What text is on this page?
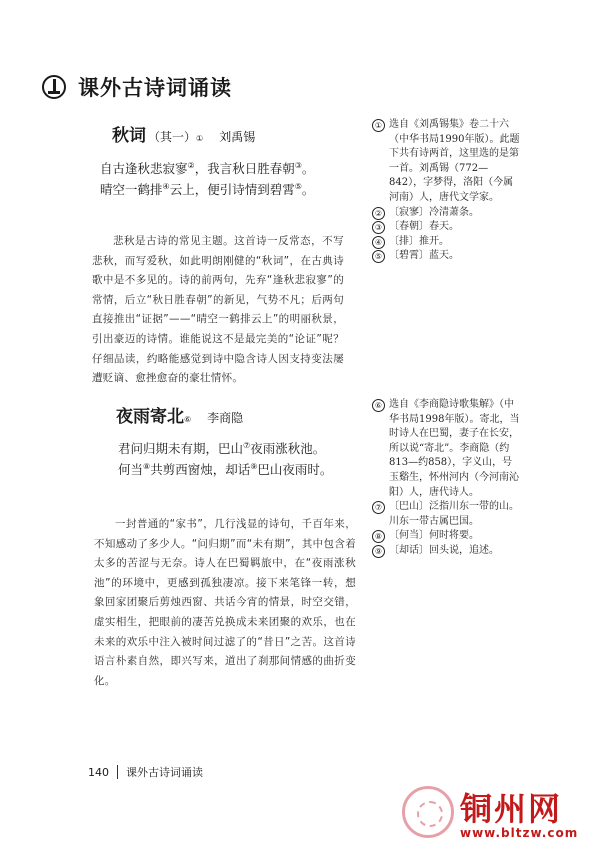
课外古诗词诵读
秋词 （其一） ① 刘禹锡
自古逢秋悲寂寥②，我言秋日胜春朝③。
晴空一鹤排④云上，便引诗情到碧霄⑤。
悲秋是古诗的常见主题。这首诗一反常态，不写悲秋，而写爱秋，如此明朗刚健的“秋词”，在古典诗歌中是不多见的。诗的前两句，先弃“逢秋悲寂寥”的常情，后立“秋日胜春朝”的新见，气势不凡；后两句直接推出“证据”——“晴空一鹤排云上”的明丽秋景，引出豪迈的诗情。谁能说这不是最完美的“论证”呢？仔细品读，约略能感觉到诗中隐含诗人因支持变法屡遭贬谪、愈挫愈奋的豪壮情怀。
① 选自《刘禹锡集》卷二十六（中华书局1990年版）。此题下共有诗两首，这里选的是第一首。刘禹锡（772—842），字梦得，洛阳（今属河南）人，唐代文学家。
② 〔寂寥〕冷清萧条。
③ 〔春朝〕春天。
④ 〔排〕推开。
⑤ 〔碧霄〕蓝天。
夜雨寄北 ⑥ 李商隐
君问归期未有期，巴山⑦夜雨涨秋池。
何当⑧共剪西窗烛，却话⑨巴山夜雨时。
一封普通的“家书”，几行浅显的诗句，千百年来，不知感动了多少人。“问归期”而“未有期”，其中包含着太多的苦涩与无奈。诗人在巴蜀羁旅中，在“夜雨涨秋池”的环境中，更感到孤独凄凉。接下来笔锋一转，想象回家团聚后剪烛西窗、共话今宵的情景，时空交错，虚实相生，把眼前的凄苦兑换成未来团聚的欢乐，也在未来的欢乐中注入被时间过滤了的“昔日”之苦。这首诗语言朴素自然，即兴写来，道出了刹那间情感的曲折变化。
⑥ 选自《李商隐诗歌集解》（中华书局1998年版）。寄北，当时诗人在巴蜀，妻子在长安，所以说“寄北”。李商隐（约813—约858），字义山，号玉谿生，怀州河内（今河南沁阳）人，唐代诗人。
⑦ 〔巴山〕泛指川东一带的山。川东一带古属巴国。
⑧ 〔何当〕何时将要。
⑨ 〔却话〕回头说，追述。
140 课外古诗词诵读
铜州网
www.bltzw.com
